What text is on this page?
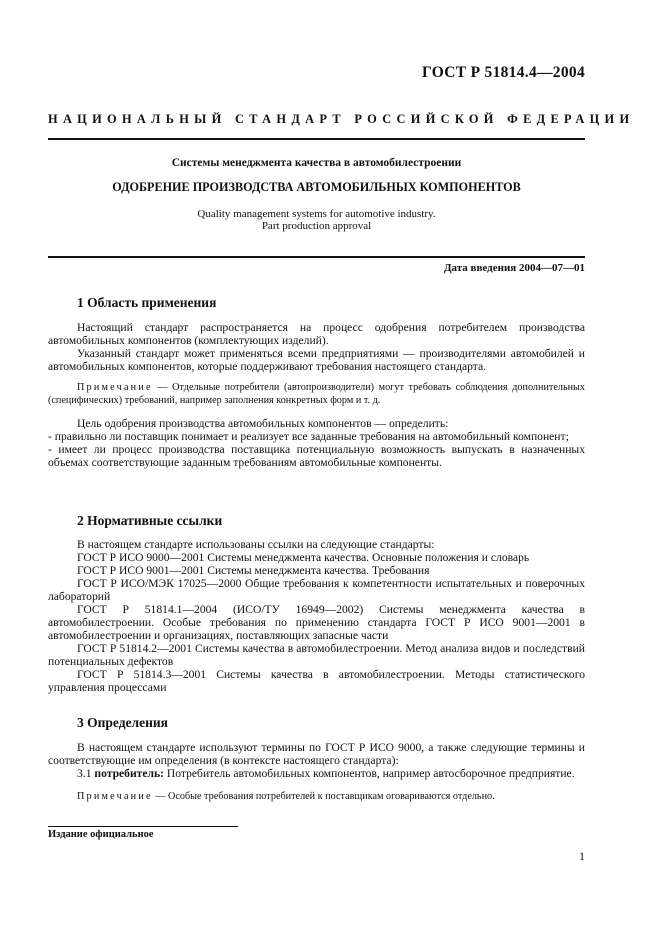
ГОСТ Р 51814.4—2004
НАЦИОНАЛЬНЫЙ СТАНДАРТ РОССИЙСКОЙ ФЕДЕРАЦИИ
Системы менеджмента качества в автомобилестроении
ОДОБРЕНИЕ ПРОИЗВОДСТВА АВТОМОБИЛЬНЫХ КОМПОНЕНТОВ
Quality management systems for automotive industry.
Part production approval
Дата введения 2004—07—01
1 Область применения

Настоящий стандарт распространяется на процесс одобрения потребителем производства автомобильных компонентов (комплектующих изделий).

Указанный стандарт может применяться всеми предприятиями — производителями автомобилей и автомобильных компонентов, которые поддерживают требования настоящего стандарта.

Примечание — Отдельные потребители (автопроизводители) могут требовать соблюдения дополнительных (специфических) требований, например заполнения конкретных форм и т. д.

Цель одобрения производства автомобильных компонентов — определить:

- правильно ли поставщик понимает и реализует все заданные требования на автомобильный компонент;

- имеет ли процесс производства поставщика потенциальную возможность выпускать в назначенных объемах соответствующие заданным требованиям автомобильные компоненты.

2 Нормативные ссылки

В настоящем стандарте использованы ссылки на следующие стандарты:

ГОСТ Р ИСО 9000—2001 Системы менеджмента качества. Основные положения и словарь

ГОСТ Р ИСО 9001—2001 Системы менеджмента качества. Требования

ГОСТ Р ИСО/МЭК 17025—2000 Общие требования к компетентности испытательных и поверочных лабораторий

ГОСТ Р 51814.1—2004 (ИСО/ТУ 16949—2002) Системы менеджмента качества в автомобилестроении. Особые требования по применению стандарта ГОСТ Р ИСО 9001—2001 в автомобилестроении и организациях, поставляющих запасные части

ГОСТ Р 51814.2—2001 Системы качества в автомобилестроении. Метод анализа видов и последствий потенциальных дефектов

ГОСТ Р 51814.3—2001 Системы качества в автомобилестроении. Методы статистического управления процессами

3 Определения

В настоящем стандарте используют термины по ГОСТ Р ИСО 9000, а также следующие термины и соответствующие им определения (в контексте настоящего стандарта):

3.1 потребитель: Потребитель автомобильных компонентов, например автосборочное предприятие.

Примечание — Особые требования потребителей к поставщикам оговариваются отдельно.

Издание официальное
1
